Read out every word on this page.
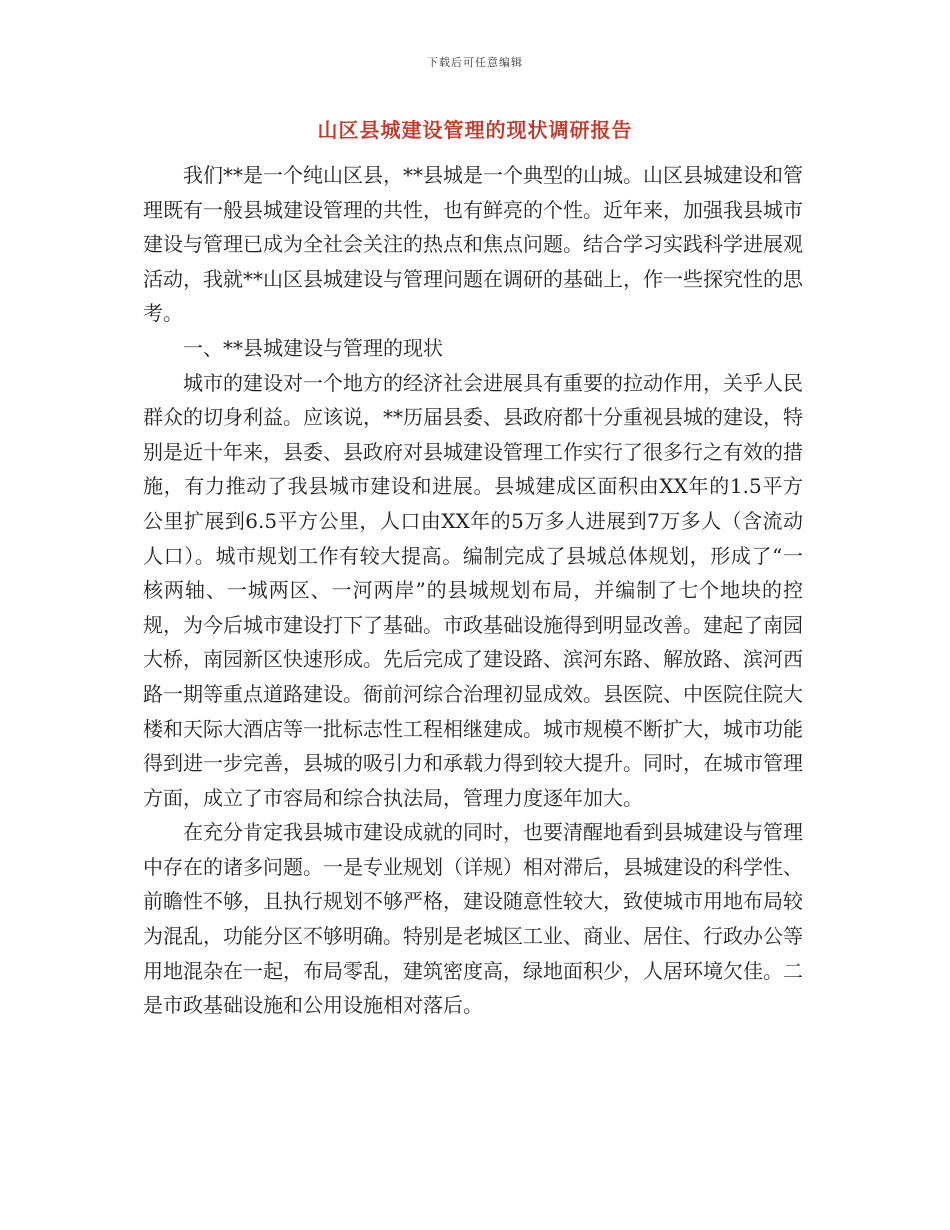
下载后可任意编辑
山区县城建设管理的现状调研报告

我们**是一个纯山区县，**县城是一个典型的山城。山区县城建设和管理既有一般县城建设管理的共性，也有鲜亮的个性。近年来，加强我县城市建设与管理已成为全社会关注的热点和焦点问题。结合学习实践科学进展观活动，我就**山区县城建设与管理问题在调研的基础上，作一些探究性的思考。

一、**县城建设与管理的现状

城市的建设对一个地方的经济社会进展具有重要的拉动作用，关乎人民群众的切身利益。应该说，**历届县委、县政府都十分重视县城的建设，特别是近十年来，县委、县政府对县城建设管理工作实行了很多行之有效的措施，有力推动了我县城市建设和进展。县城建成区面积由XX年的1.5平方公里扩展到6.5平方公里，人口由XX年的5万多人进展到7万多人（含流动人口）。城市规划工作有较大提高。编制完成了县城总体规划，形成了“一核两轴、一城两区、一河两岸”的县城规划布局，并编制了七个地块的控规，为今后城市建设打下了基础。市政基础设施得到明显改善。建起了南园大桥，南园新区快速形成。先后完成了建设路、滨河东路、解放路、滨河西路一期等重点道路建设。衙前河综合治理初显成效。县医院、中医院住院大楼和天际大酒店等一批标志性工程相继建成。城市规模不断扩大，城市功能得到进一步完善，县城的吸引力和承载力得到较大提升。同时，在城市管理方面，成立了市容局和综合执法局，管理力度逐年加大。

在充分肯定我县城市建设成就的同时，也要清醒地看到县城建设与管理中存在的诸多问题。一是专业规划（详规）相对滞后，县城建设的科学性、前瞻性不够，且执行规划不够严格，建设随意性较大，致使城市用地布局较为混乱，功能分区不够明确。特别是老城区工业、商业、居住、行政办公等用地混杂在一起，布局零乱，建筑密度高，绿地面积少，人居环境欠佳。二是市政基础设施和公用设施相对落后。
